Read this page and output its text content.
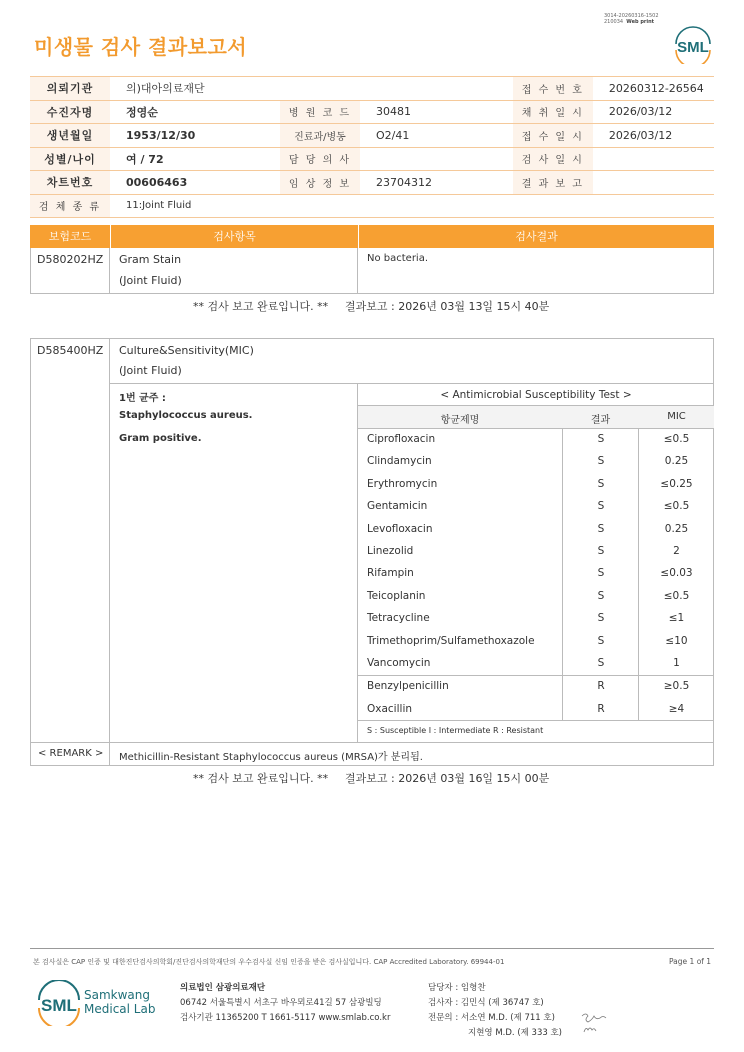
미생물 검사 결과보고서
3014-20260316-1502
210034 Web print
SML
의뢰기관	의)대아의료재단			접 수 번 호	20260312-26564
수진자명	정영순	병 원 코 드	30481	채 취 일 시	2026/03/12
생년월일	1953/12/30	진료과/병동	O2/41	접 수 일 시	2026/03/12
성별/나이	여 / 72	담 당 의 사		검 사 일 시	
차트번호	00606463	임 상 정 보	23704312	결 과 보 고	
검 체 종 류	11:Joint Fluid				
보험코드	검사항목	검사결과
D580202HZ Gram Stain
(Joint Fluid)
No bacteria.
** 검사 보고 완료입니다. ** 결과보고 : 2026년 03월 13일 15시 40분
D585400HZ Culture&Sensitivity(MIC)
(Joint Fluid)
1번 균주 :
Staphylococcus aureus.
Gram positive.
< Antimicrobial Susceptibility Test >
항균제명	결과	MIC
Ciprofloxacin	S	≤0.5
Clindamycin	S	0.25
Erythromycin	S	≤0.25
Gentamicin	S	≤0.5
Levofloxacin	S	0.25
Linezolid	S	2
Rifampin	S	≤0.03
Teicoplanin	S	≤0.5
Tetracycline	S	≤1
Trimethoprim/Sulfamethoxazole	S	≤10
Vancomycin	S	1
Benzylpenicillin	R	≥0.5
Oxacillin	R	≥4
S : Susceptible I : Intermediate R : Resistant
< REMARK > Methicillin-Resistant Staphylococcus aureus (MRSA)가 분리됨.
** 검사 보고 완료입니다. ** 결과보고 : 2026년 03월 16일 15시 00분
본 검사실은 CAP 인증 및 대한진단검사의학회/진단검사의학재단의 우수검사실 신임 인증을 받은 검사실입니다. CAP Accredited Laboratory. 69944-01	Page 1 of 1
SML
Samkwang
Medical Lab
의료법인 삼광의료재단
06742 서울특별시 서초구 바우뫼로41길 57 삼광빌딩
검사기관 11365200 T 1661-5117 www.smlab.co.kr
담당자 : 임형찬
검사자 : 김민식 (제 36747 호)
전문의 : 서소연 M.D. (제 711 호)
지현영 M.D. (제 333 호)
